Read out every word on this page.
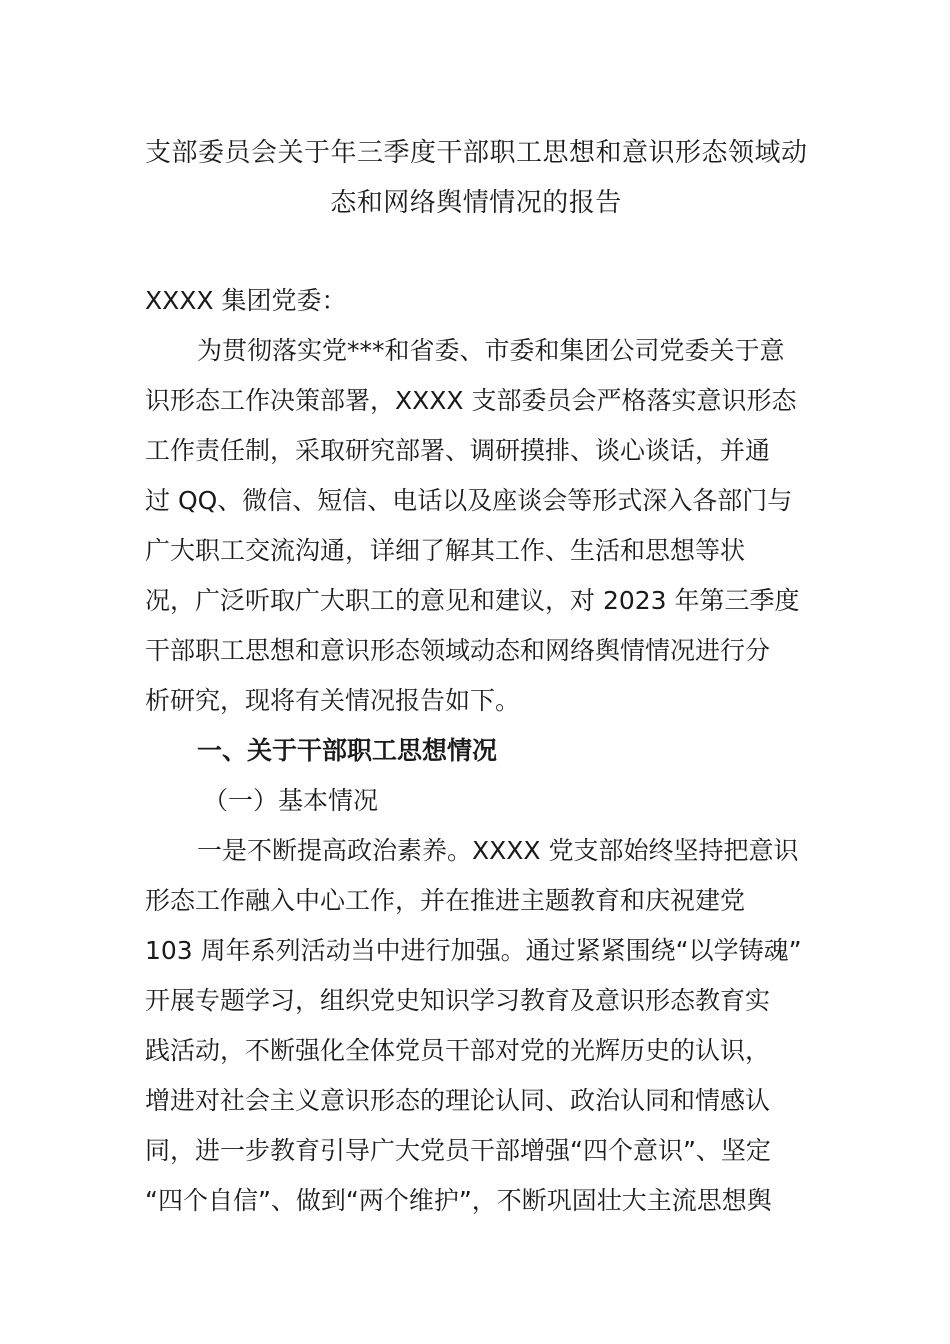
支部委员会关于年三季度干部职工思想和意识形态领域动
态和网络舆情情况的报告
XXXX 集团党委：
为贯彻落实党***和省委、市委和集团公司党委关于意
识形态工作决策部署，XXXX 支部委员会严格落实意识形态
工作责任制，采取研究部署、调研摸排、谈心谈话，并通
过 QQ、微信、短信、电话以及座谈会等形式深入各部门与
广大职工交流沟通，详细了解其工作、生活和思想等状
况，广泛听取广大职工的意见和建议，对 2023 年第三季度
干部职工思想和意识形态领域动态和网络舆情情况进行分
析研究，现将有关情况报告如下。
一、关于干部职工思想情况
（一）基本情况
一是不断提高政治素养。XXXX 党支部始终坚持把意识
形态工作融入中心工作，并在推进主题教育和庆祝建党
103 周年系列活动当中进行加强。通过紧紧围绕“以学铸魂”
开展专题学习，组织党史知识学习教育及意识形态教育实
践活动，不断强化全体党员干部对党的光辉历史的认识，
增进对社会主义意识形态的理论认同、政治认同和情感认
同，进一步教育引导广大党员干部增强“四个意识”、坚定
“四个自信”、做到“两个维护”，不断巩固壮大主流思想舆
